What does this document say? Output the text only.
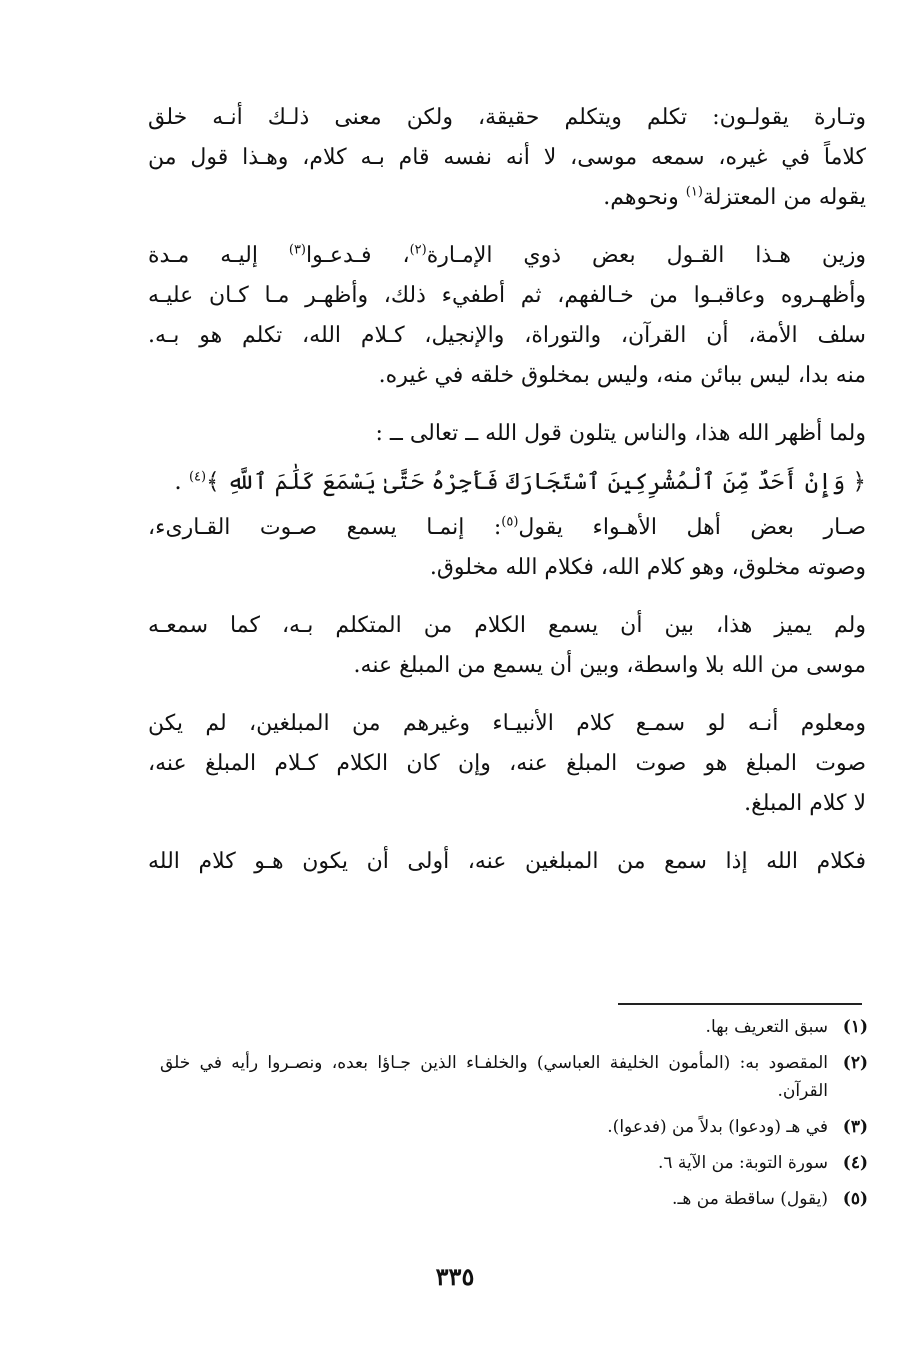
وتـارة يقولـون: تكلم ويتكلم حقيقة، ولكن معنى ذلـك أنـه خلق
كلاماً في غيره، سمعه موسى، لا أنه نفسه قام بـه كلام، وهـذا قول من
يقوله من المعتزلة$^{(١)}$ ونحوهم.

وزين هـذا القـول بعض ذوي الإمـارة$^{(٢)}$، فـدعـوا$^{(٣)}$ إليـه مـدة
وأظهـروه وعاقبـوا من خـالفهم، ثم أطفيء ذلك، وأظهـر مـا كـان عليـه
سلف الأمة، أن القرآن، والتوراة، والإنجيل، كـلام الله، تكلم هو بـه.
منه بدا، ليس ببائن منه، وليس بمخلوق خلقه في غيره.

ولما أظهر الله هذا، والناس يتلون قول الله ــ تعالى ــ :

﴿ وَإِنْ أَحَدٌ مِّنَ ٱلْمُشْرِكِينَ ٱسْتَجَارَكَ فَأَجِرْهُ حَتَّىٰ يَسْمَعَ كَلَٰمَ ٱللَّهِ ﴾$^{(٤)}$ .

صـار بعض أهل الأهـواء يقول$^{(٥)}$: إنمـا يسمع صـوت القـارىء،
وصوته مخلوق، وهو كلام الله، فكلام الله مخلوق.

ولم يميز هذا، بين أن يسمع الكلام من المتكلم بـه، كما سمعـه
موسى من الله بلا واسطة، وبين أن يسمع من المبلغ عنه.

ومعلوم أنـه لو سمـع كلام الأنبيـاء وغيرهم من المبلغين، لم يكن
صوت المبلغ هو صوت المبلغ عنه، وإن كان الكلام كـلام المبلغ عنه،
لا كلام المبلغ.

فكلام الله إذا سمع من المبلغين عنه، أولى أن يكون هـو كلام الله

(١)
سبق التعريف بها.
(٢)
المقصود به: (المأمون الخليفة العباسي) والخلفـاء الذين جـاؤا بعده، ونصـروا رأيه في خلق القرآن.
(٣)
في هـ (ودعوا) بدلاً من (فدعوا).
(٤)
سورة التوبة: من الآية ٦.
(٥)
(يقول) ساقطة من هـ.
٣٣٥
